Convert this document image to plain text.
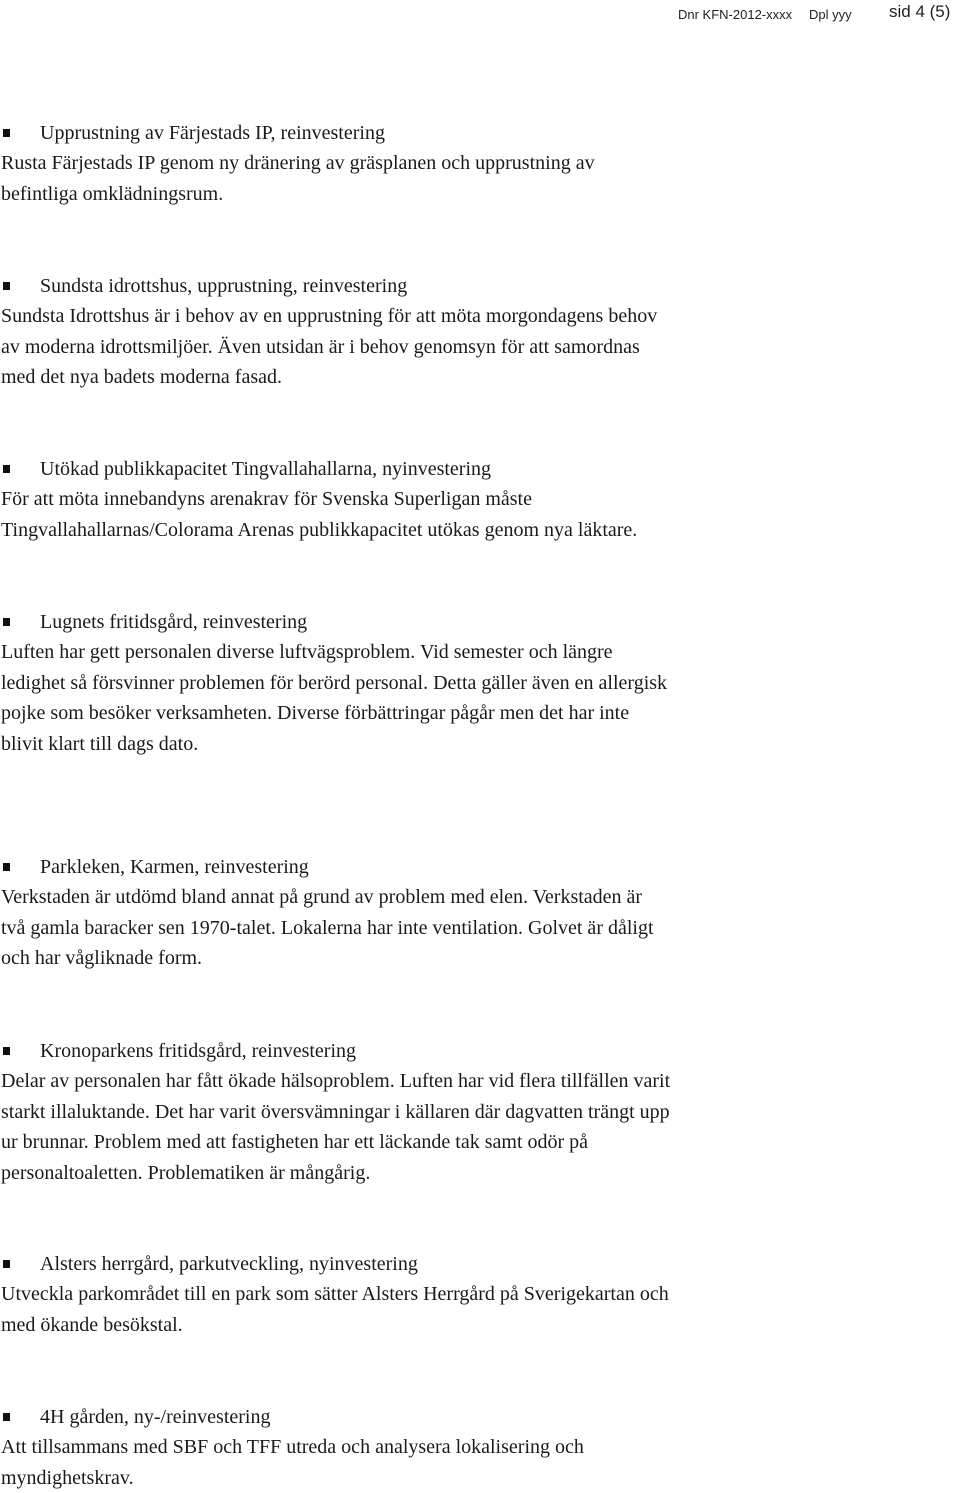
Dnr KFN-2012-xxxx Dpl yyy sid 4 (5)
Upprustning av Färjestads IP, reinvestering
Rusta Färjestads IP genom ny dränering av gräsplanen och upprustning av
befintliga omklädningsrum.
Sundsta idrottshus, upprustning, reinvestering
Sundsta Idrottshus är i behov av en upprustning för att möta morgondagens behov
av moderna idrottsmiljöer. Även utsidan är i behov genomsyn för att samordnas
med det nya badets moderna fasad.
Utökad publikkapacitet Tingvallahallarna, nyinvestering
För att möta innebandyns arenakrav för Svenska Superligan måste
Tingvallahallarnas/Colorama Arenas publikkapacitet utökas genom nya läktare.
Lugnets fritidsgård, reinvestering
Luften har gett personalen diverse luftvägsproblem. Vid semester och längre
ledighet så försvinner problemen för berörd personal. Detta gäller även en allergisk
pojke som besöker verksamheten. Diverse förbättringar pågår men det har inte
blivit klart till dags dato.
Parkleken, Karmen, reinvestering
Verkstaden är utdömd bland annat på grund av problem med elen. Verkstaden är
två gamla baracker sen 1970-talet. Lokalerna har inte ventilation. Golvet är dåligt
och har vågliknade form.
Kronoparkens fritidsgård, reinvestering
Delar av personalen har fått ökade hälsoproblem. Luften har vid flera tillfällen varit
starkt illaluktande. Det har varit översvämningar i källaren där dagvatten trängt upp
ur brunnar. Problem med att fastigheten har ett läckande tak samt odör på
personaltoaletten. Problematiken är mångårig.
Alsters herrgård, parkutveckling, nyinvestering
Utveckla parkområdet till en park som sätter Alsters Herrgård på Sverigekartan och
med ökande besökstal.
4H gården, ny-/reinvestering
Att tillsammans med SBF och TFF utreda och analysera lokalisering och
myndighetskrav.
